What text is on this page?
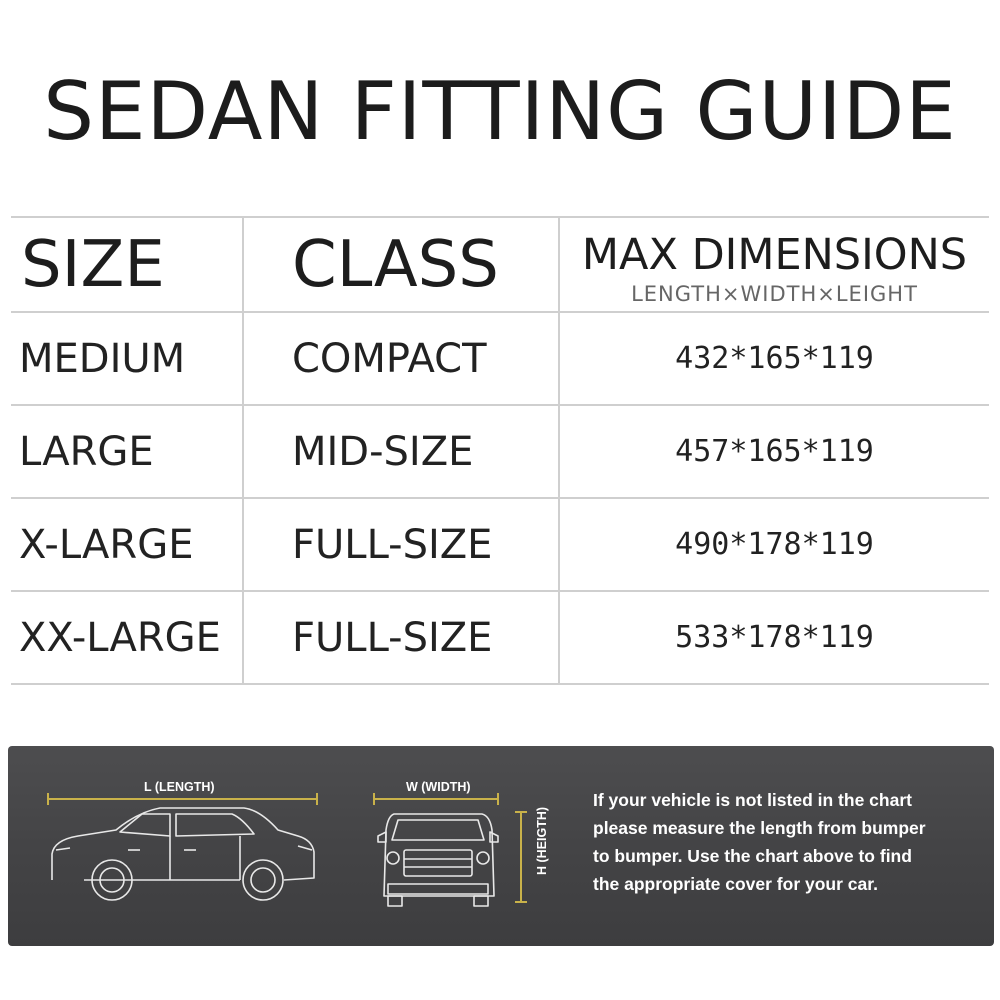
SEDAN FITTING GUIDE
SIZE	CLASS	MAX DIMENSIONS
LENGTH×WIDTH×LEIGHT

MEDIUM	COMPACT	432*165*119
LARGE	MID-SIZE	457*165*119
X-LARGE	FULL-SIZE	490*178*119
XX-LARGE	FULL-SIZE	533*178*119
L (LENGTH)	W (WIDTH)
H (HEIGTH)
If your vehicle is not listed in the chart
please measure the length from bumper
to bumper. Use the chart above to find
the appropriate cover for your car.
